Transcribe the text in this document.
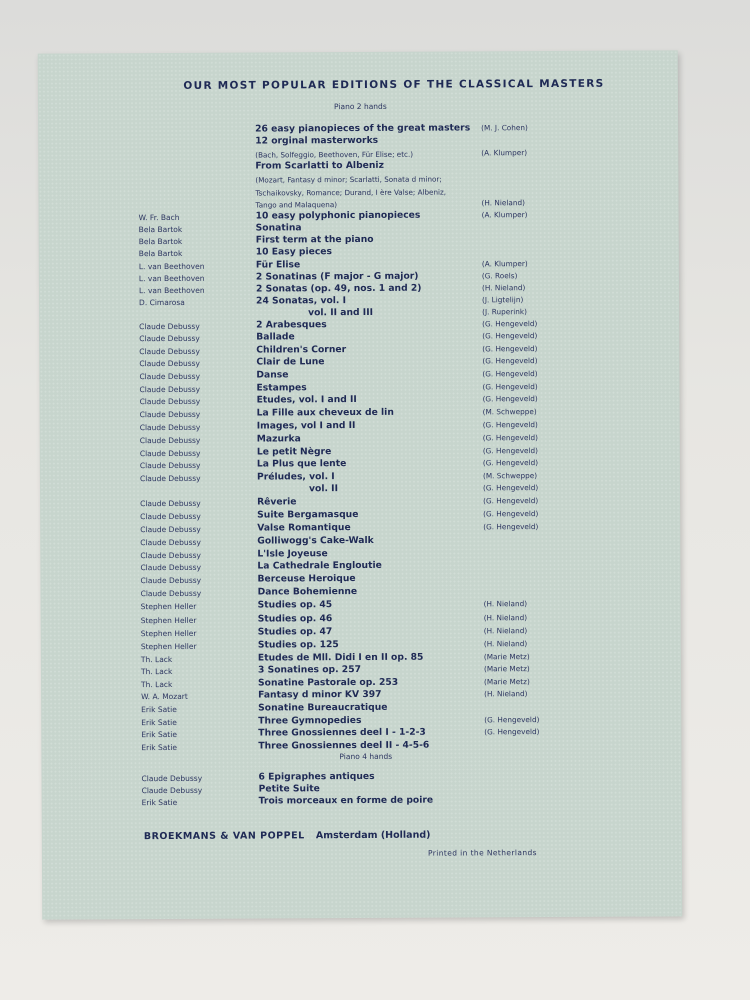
OUR MOST POPULAR EDITIONS OF THE CLASSICAL MASTERS
Piano 2 hands
26 easy pianopieces of the great masters (M. J. Cohen)
12 orginal masterworks
(Bach, Solfeggio, Beethoven, Für Elise; etc.)	(A. Klumper)
From Scarlatti to Albeniz
(Mozart, Fantasy d minor; Scarlatti, Sonata d minor;
Tschaikovsky, Romance; Durand, I ère Valse; Albeniz,
Tango and Malaquena)	(H. Nieland)
W. Fr. Bach	10 easy polyphonic pianopieces	(A. Klumper)
Bela Bartok	Sonatina
Bela Bartok	First term at the piano
Bela Bartok	10 Easy pieces
L. van Beethoven	Für Elise	(A. Klumper)
L. van Beethoven	2 Sonatinas (F major - G major)	(G. Roels)
L. van Beethoven	2 Sonatas (op. 49, nos. 1 and 2)	(H. Nieland)
D. Cimarosa	24 Sonatas, vol. I	(J. Ligtelijn)
vol. II and III	(J. Ruperink)
Claude Debussy	2 Arabesques	(G. Hengeveld)
Claude Debussy	Ballade	(G. Hengeveld)
Claude Debussy	Children's Corner	(G. Hengeveld)
Claude Debussy	Clair de Lune	(G. Hengeveld)
Claude Debussy	Danse	(G. Hengeveld)
Claude Debussy	Estampes	(G. Hengeveld)
Claude Debussy	Etudes, vol. I and II	(G. Hengeveld)
Claude Debussy	La Fille aux cheveux de lin	(M. Schweppe)
Claude Debussy	Images, vol I and II	(G. Hengeveld)
Claude Debussy	Mazurka	(G. Hengeveld)
Claude Debussy	Le petit Nègre	(G. Hengeveld)
Claude Debussy	La Plus que lente	(G. Hengeveld)
Claude Debussy	Préludes, vol. I	(M. Schweppe)
vol. II	(G. Hengeveld)
Claude Debussy	Rêverie	(G. Hengeveld)
Claude Debussy	Suite Bergamasque	(G. Hengeveld)
Claude Debussy	Valse Romantique	(G. Hengeveld)
Claude Debussy	Golliwogg's Cake-Walk
Claude Debussy	L'Isle Joyeuse
Claude Debussy	La Cathedrale Engloutie
Claude Debussy	Berceuse Heroique
Claude Debussy	Dance Bohemienne
Stephen Heller	Studies op. 45	(H. Nieland)
Stephen Heller	Studies op. 46	(H. Nieland)
Stephen Heller	Studies op. 47	(H. Nieland)
Stephen Heller	Studies op. 125	(H. Nieland)
Th. Lack	Etudes de Mll. Didi I en II op. 85	(Marie Metz)
Th. Lack	3 Sonatines op. 257	(Marie Metz)
Th. Lack	Sonatine Pastorale op. 253	(Marie Metz)
W. A. Mozart	Fantasy d minor KV 397	(H. Nieland)
Erik Satie	Sonatine Bureaucratique
Erik Satie	Three Gymnopedies	(G. Hengeveld)
Erik Satie	Three Gnossiennes deel I - 1-2-3	(G. Hengeveld)
Erik Satie	Three Gnossiennes deel II - 4-5-6
Piano 4 hands
Claude Debussy	6 Epigraphes antiques
Claude Debussy	Petite Suite
Erik Satie	Trois morceaux en forme de poire
BROEKMANS & VAN POPPEL Amsterdam (Holland)
Printed in the Netherlands
